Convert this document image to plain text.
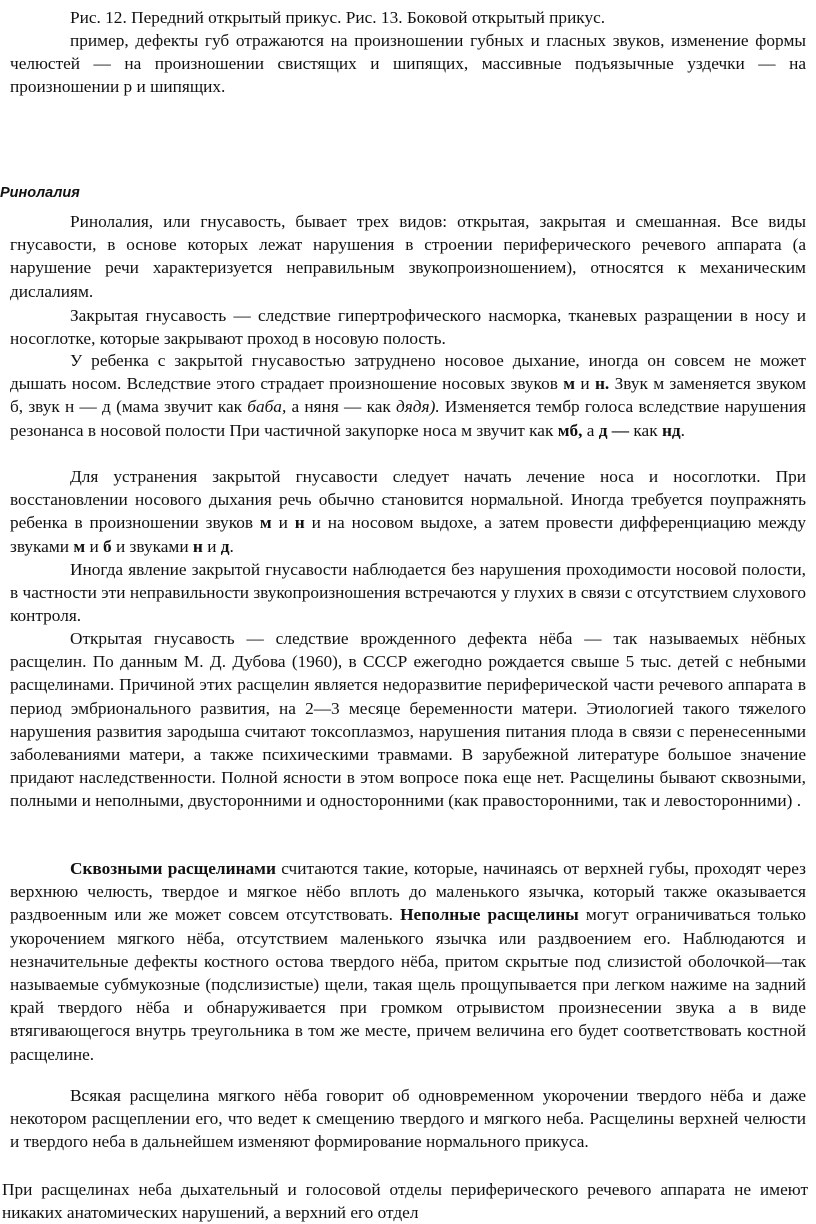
Рис. 12. Передний открытый прикус. Рис. 13. Боковой открытый прикус.

пример, дефекты губ отражаются на произношении губных и гласных звуков, изменение формы челюстей — на произношении свистящих и шипящих, массивные подъязычные уздечки — на произношении р и шипящих.

Ринолалия

Ринолалия, или гнусавость, бывает трех видов: открытая, закрытая и смешанная. Все виды гнусавости, в основе которых лежат нарушения в строении периферического речевого аппарата (а нарушение речи характеризуется неправильным звукопроизношением), относятся к механическим дислалиям.

Закрытая гнусавость — следствие гипертрофического насморка, тканевых разращении в носу и носоглотке, которые закрывают проход в носовую полость.

У ребенка с закрытой гнусавостью затруднено носовое дыхание, иногда он совсем не может дышать носом. Вследствие этого страдает произношение носовых звуков м и н. Звук м заменяется звуком б, звук н — д (мама звучит как баба, а няня — как дядя). Изменяется тембр голоса вследствие нарушения резонанса в носовой полости При частичной закупорке носа м звучит как мб, а д — как нд.

Для устранения закрытой гнусавости следует начать лечение носа и носоглотки. При восстановлении носового дыхания речь обычно становится нормальной. Иногда требуется поупражнять ребенка в произношении звуков м и н и на носовом выдохе, а затем провести дифференциацию между звуками м и б и звуками н и д.

Иногда явление закрытой гнусавости наблюдается без нарушения проходимости носовой полости, в частности эти неправильности звукопроизношения встречаются у глухих в связи с отсутствием слухового контроля.

Открытая гнусавость — следствие врожденного дефекта нёба — так называемых нёбных расщелин. По данным М. Д. Дубова (1960), в СССР ежегодно рождается свыше 5 тыс. детей с небными расщелинами. Причиной этих расщелин является недоразвитие периферической части речевого аппарата в период эмбрионального развития, на 2—3 месяце беременности матери. Этиологией такого тяжелого нарушения развития зародыша считают токсоплазмоз, нарушения питания плода в связи с перенесенными заболеваниями матери, а также психическими травмами. В зарубежной литературе большое значение придают наследственности. Полной ясности в этом вопросе пока еще нет. Расщелины бывают сквозными, полными и неполными, двусторонними и односторонними (как правосторонними, так и левосторонними) .

Сквозными расщелинами считаются такие, которые, начинаясь от верхней губы, проходят через верхнюю челюсть, твердое и мягкое нёбо вплоть до маленького язычка, который также оказывается раздвоенным или же может совсем отсутствовать. Неполные расщелины могут ограничиваться только укорочением мягкого нёба, отсутствием маленького язычка или раздвоением его. Наблюдаются и незначительные дефекты костного остова твердого нёба, притом скрытые под слизистой оболочкой—так называемые субмукозные (подслизистые) щели, такая щель прощупывается при легком нажиме на задний край твердого нёба и обнаруживается при громком отрывистом произнесении звука а в виде втягивающегося внутрь треугольника в том же месте, причем величина его будет соответствовать костной расщелине.

Всякая расщелина мягкого нёба говорит об одновременном укорочении твердого нёба и даже некотором расщеплении его, что ведет к смещению твердого и мягкого неба. Расщелины верхней челюсти и твердого неба в дальнейшем изменяют формирование нормального прикуса.

При расщелинах неба дыхательный и голосовой отделы периферического речевого аппарата не имеют никаких анатомических нарушений, а верхний его отдел
